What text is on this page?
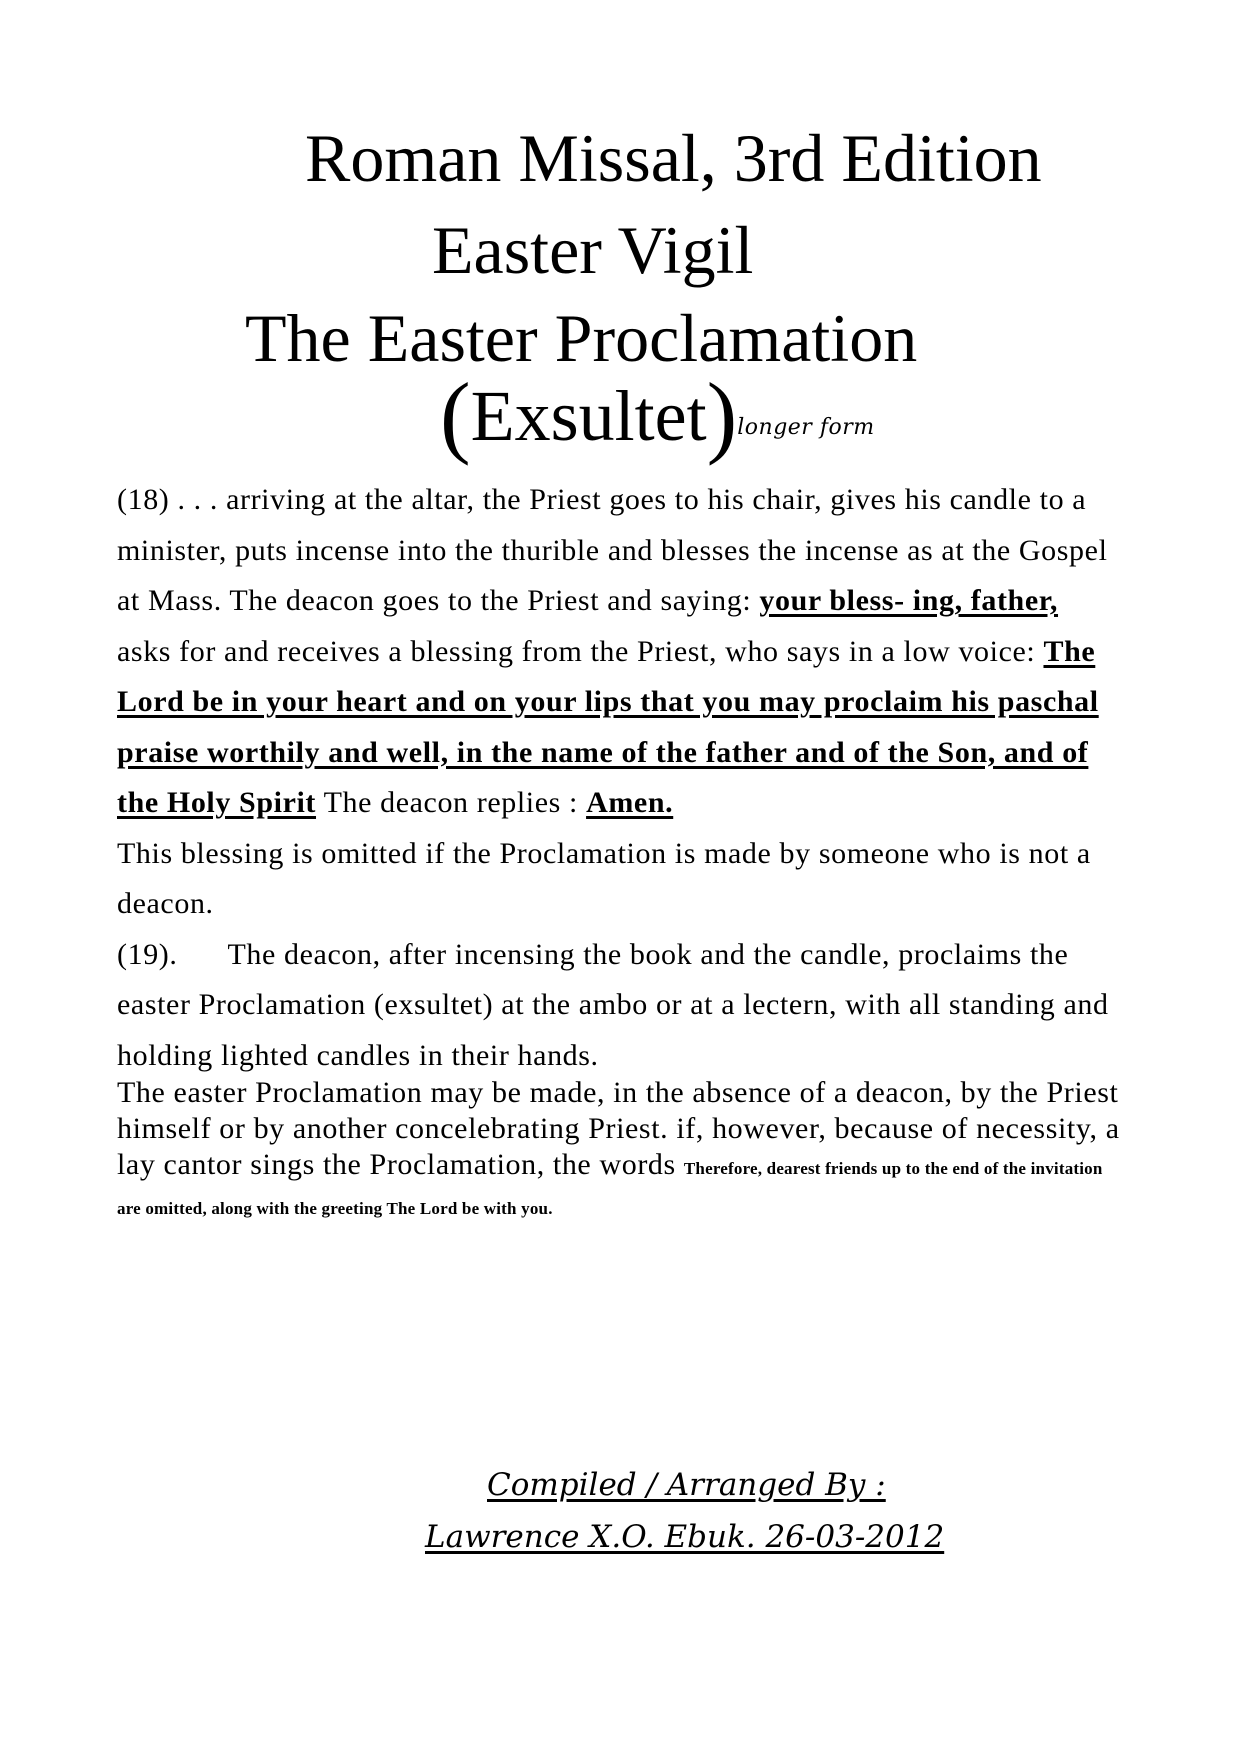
Roman Missal, 3rd Edition
Easter Vigil
The Easter Proclamation
(Exsultet)$^{longer form}$

(18) . . . arriving at the altar, the Priest goes to his chair, gives his candle to a minister, puts incense into the thurible and blesses the incense as at the Gospel at Mass. The deacon goes to the Priest and saying: your bless- ing, father,

asks for and receives a blessing from the Priest, who says in a low voice: The Lord be in your heart and on your lips that you may proclaim his paschal praise worthily and well, in the name of the father and of the Son, and of the Holy Spirit The deacon replies : Amen.

This blessing is omitted if the Proclamation is made by someone who is not a deacon.

(19). The deacon, after incensing the book and the candle, proclaims the easter Proclamation (exsultet) at the ambo or at a lectern, with all standing and holding lighted candles in their hands.

The easter Proclamation may be made, in the absence of a deacon, by the Priest himself or by another concelebrating Priest. if, however, because of necessity, a lay cantor sings the Proclamation, the words Therefore, dearest friends up to the end of the invitation are omitted, along with the greeting The Lord be with you.

Compiled / Arranged By :
Lawrence X.O. Ebuk. 26-03-2012
